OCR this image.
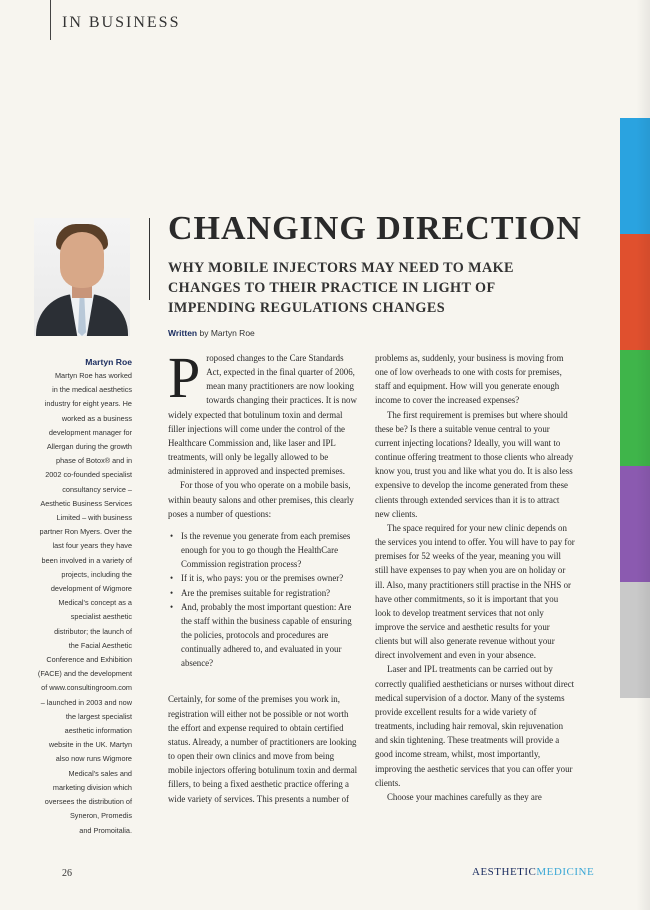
IN BUSINESS
Martyn Roe
Martyn Roe has worked
in the medical aesthetics
industry for eight years. He
worked as a business
development manager for
Allergan during the growth
phase of Botox® and in
2002 co-founded specialist
consultancy service –
Aesthetic Business Services
Limited – with business
partner Ron Myers. Over the
last four years they have
been involved in a variety of
projects, including the
development of Wigmore
Medical's concept as a
specialist aesthetic
distributor; the launch of
the Facial Aesthetic
Conference and Exhibition
(FACE) and the development
of www.consultingroom.com
– launched in 2003 and now
the largest specialist
aesthetic information
website in the UK. Martyn
also now runs Wigmore
Medical's sales and
marketing division which
oversees the distribution of
Syneron, Promedis
and Promoitalia.
CHANGING DIRECTION
WHY MOBILE INJECTORS MAY NEED TO MAKE CHANGES TO THEIR PRACTICE IN LIGHT OF IMPENDING REGULATIONS CHANGES
Written by Martyn Roe

Proposed changes to the Care Standards Act, expected in the final quarter of 2006, mean many practitioners are now looking towards changing their practices. It is now widely expected that botulinum toxin and dermal filler injections will come under the control of the Healthcare Commission and, like laser and IPL treatments, will only be legally allowed to be administered in approved and inspected premises.

For those of you who operate on a mobile basis, within beauty salons and other premises, this clearly poses a number of questions:

• Is the revenue you generate from each premises enough for you to go though the HealthCare Commission registration process?
• If it is, who pays: you or the premises owner?
• Are the premises suitable for registration?
• And, probably the most important question: Are the staff within the business capable of ensuring the policies, protocols and procedures are continually adhered to, and evaluated in your absence?

Certainly, for some of the premises you work in, registration will either not be possible or not worth the effort and expense required to obtain certified status. Already, a number of practitioners are looking to open their own clinics and move from being mobile injectors offering botulinum toxin and dermal fillers, to being a fixed aesthetic practice offering a wide variety of services. This presents a number of

problems as, suddenly, your business is moving from one of low overheads to one with costs for premises, staff and equipment. How will you generate enough income to cover the increased expenses?

The first requirement is premises but where should these be? Is there a suitable venue central to your current injecting locations? Ideally, you will want to continue offering treatment to those clients who already know you, trust you and like what you do. It is also less expensive to develop the income generated from these clients through extended services than it is to attract new clients.

The space required for your new clinic depends on the services you intend to offer. You will have to pay for premises for 52 weeks of the year, meaning you will still have expenses to pay when you are on holiday or ill. Also, many practitioners still practise in the NHS or have other commitments, so it is important that you look to develop treatment services that not only improve the service and aesthetic results for your clients but will also generate revenue without your direct involvement and even in your absence.

Laser and IPL treatments can be carried out by correctly qualified aestheticians or nurses without direct medical supervision of a doctor. Many of the systems provide excellent results for a wide variety of treatments, including hair removal, skin rejuvenation and skin tightening. These treatments will provide a good income stream, whilst, most importantly, improving the aesthetic services that you can offer your clients.

Choose your machines carefully as they are

26	AESTHETICMEDICINE
